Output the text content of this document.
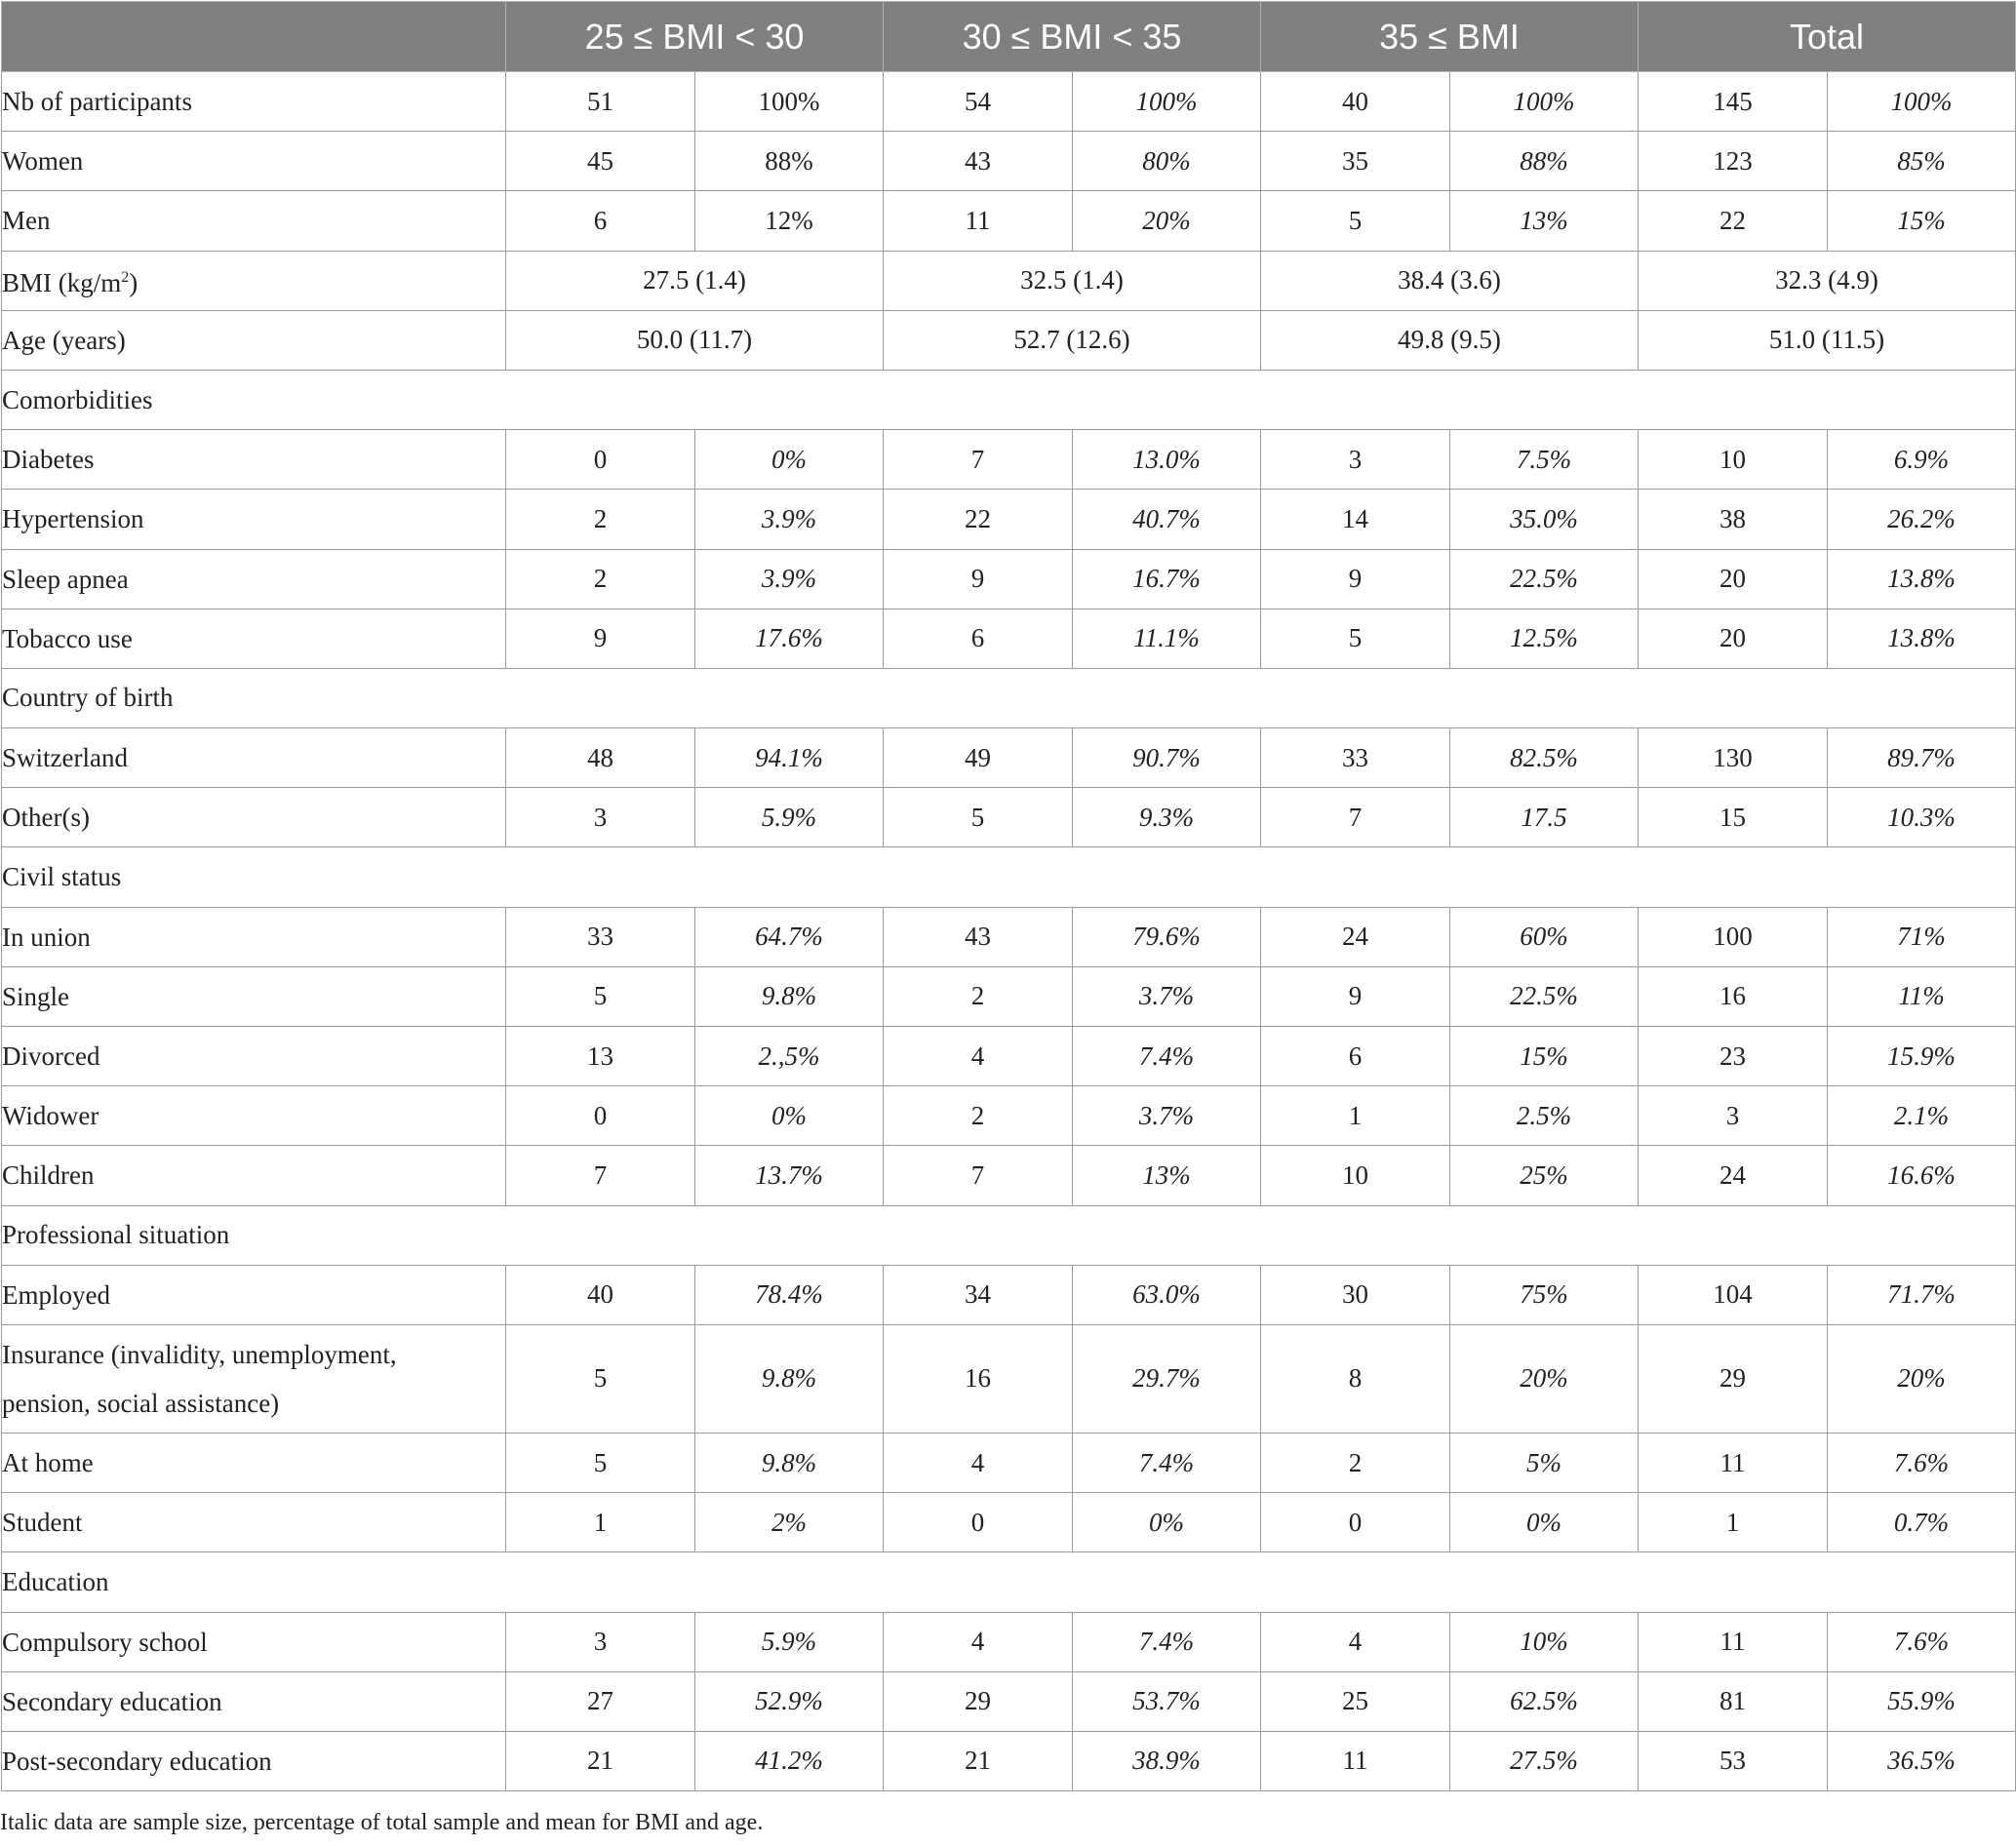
	25 ≤ BMI < 30		30 ≤ BMI < 35		35 ≤ BMI		Total	
Nb of participants	51	100%	54	100%	40	100%	145	100%
Women	45	88%	43	80%	35	88%	123	85%
Men	6	12%	11	20%	5	13%	22	15%
BMI $(kg/m^2)$	27.5 (1.4)		32.5 (1.4)		38.4 (3.6)		32.3 (4.9)	
Age (years)	50.0 (11.7)		52.7 (12.6)		49.8 (9.5)		51.0 (11.5)	
Comorbidities								
Diabetes	0	0%	7	13.0%	3	7.5%	10	6.9%
Hypertension	2	3.9%	22	40.7%	14	35.0%	38	26.2%
Sleep apnea	2	3.9%	9	16.7%	9	22.5%	20	13.8%
Tobacco use	9	17.6%	6	11.1%	5	12.5%	20	13.8%
Country of birth								
Switzerland	48	94.1%	49	90.7%	33	82.5%	130	89.7%
Other(s)	3	5.9%	5	9.3%	7	17.5	15	10.3%
Civil status								
In union	33	64.7%	43	79.6%	24	60%	100	71%
Single	5	9.8%	2	3.7%	9	22.5%	16	11%
Divorced	13	2.,5%	4	7.4%	6	15%	23	15.9%
Widower	0	0%	2	3.7%	1	2.5%	3	2.1%
Children	7	13.7%	7	13%	10	25%	24	16.6%
Professional situation								
Employed	40	78.4%	34	63.0%	30	75%	104	71.7%

Insurance (invalidity, unemployment,
pension, social assistance)	5	9.8%	16	29.7%	8	20%	29	20%
At home	5	9.8%	4	7.4%	2	5%	11	7.6%
Student	1	2%	0	0%	0	0%	1	0.7%
Education								
Compulsory school	3	5.9%	4	7.4%	4	10%	11	7.6%
Secondary education	27	52.9%	29	53.7%	25	62.5%	81	55.9%
Post-secondary education	21	41.2%	21	38.9%	11	27.5%	53	36.5%
Italic data are sample size, percentage of total sample and mean for BMI and age.
